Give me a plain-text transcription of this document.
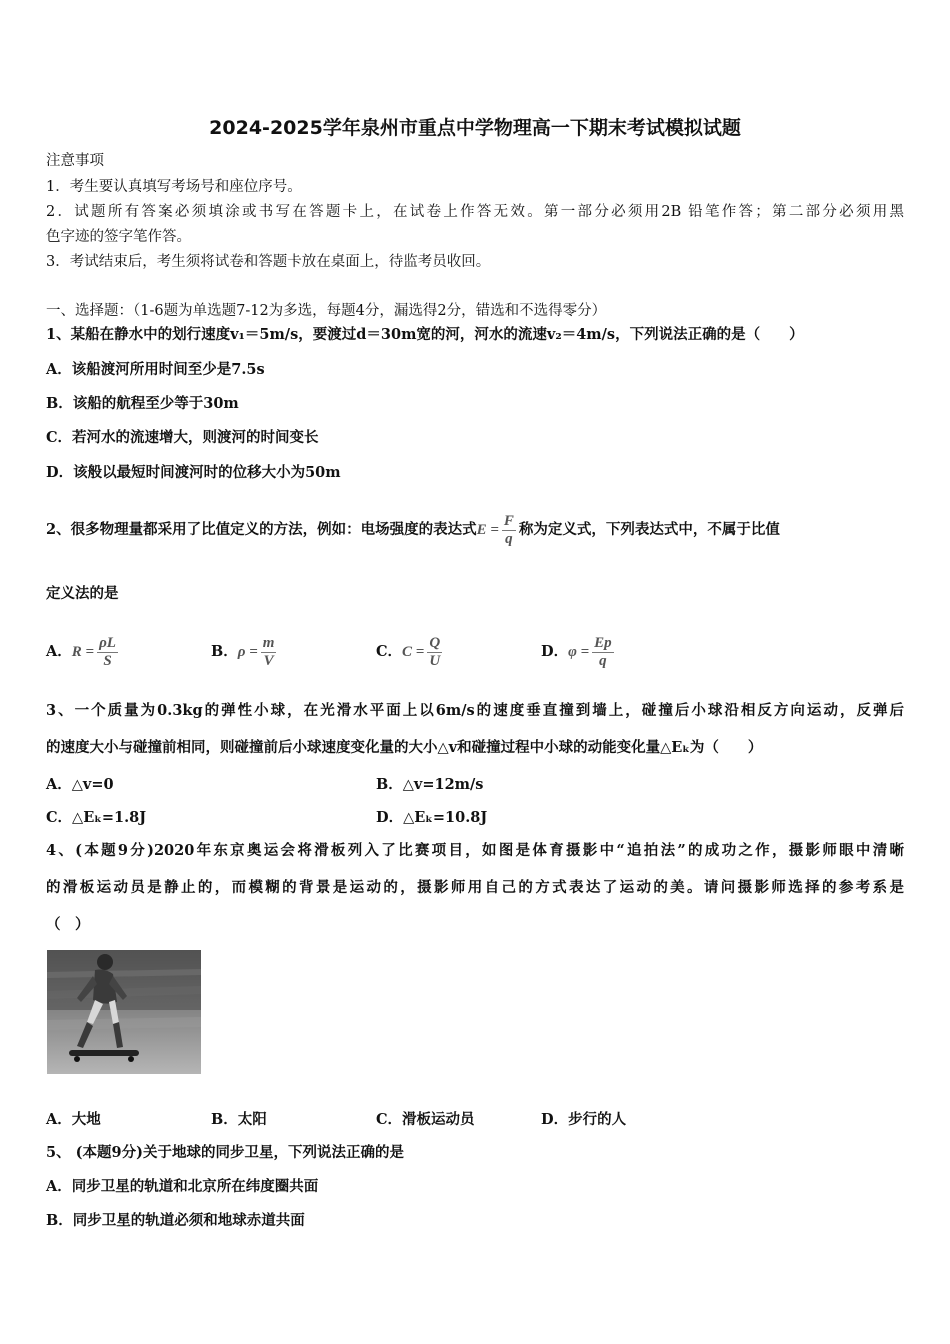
2024-2025学年泉州市重点中学物理高一下期末考试模拟试题
注意事项
1．考生要认真填写考场号和座位序号。
2．试题所有答案必须填涂或书写在答题卡上，在试卷上作答无效。第一部分必须用2B 铅笔作答；第二部分必须用黑
色字迹的签字笔作答。
3．考试结束后，考生须将试卷和答题卡放在桌面上，待监考员收回。
一、选择题：（1-6题为单选题7-12为多选，每题4分，漏选得2分，错选和不选得零分）
1、某船在静水中的划行速度v₁＝5m/s，要渡过d＝30m宽的河，河水的流速v₂＝4m/s，下列说法正确的是（　　）
A．该船渡河所用时间至少是7.5s
B．该船的航程至少等于30m
C．若河水的流速增大，则渡河的时间变长
D．该般以最短时间渡河时的位移大小为50m
2、很多物理量都采用了比值定义的方法，例如：电场强度的表达式$E = \frac{F}{q}$ 称为定义式，下列表达式中，不属于比值
定义法的是
A．$R = \frac{\rho L}{S}$	B．$\rho = \frac{m}{V}$	C．$C = \frac{Q}{U}$	D．$\varphi = \frac{Ep}{q}$
3、一个质量为0.3kg的弹性小球，在光滑水平面上以6m/s的速度垂直撞到墙上，碰撞后小球沿相反方向运动，反弹后
的速度大小与碰撞前相同，则碰撞前后小球速度变化量的大小△v和碰撞过程中小球的动能变化量△Eₖ为（　　）
A．△v=0	B．△v=12m/s
C．△Eₖ=1.8J	D．△Eₖ=10.8J
4、(本题9分)2020年东京奥运会将滑板列入了比赛项目，如图是体育摄影中“追拍法”的成功之作，摄影师眼中清晰
的滑板运动员是静止的，而模糊的背景是运动的，摄影师用自己的方式表达了运动的美。请问摄影师选择的参考系是
（　）
A．大地	B．太阳	C．滑板运动员	D．步行的人
5、 (本题9分)关于地球的同步卫星，下列说法正确的是
A．同步卫星的轨道和北京所在纬度圈共面
B．同步卫星的轨道必须和地球赤道共面
